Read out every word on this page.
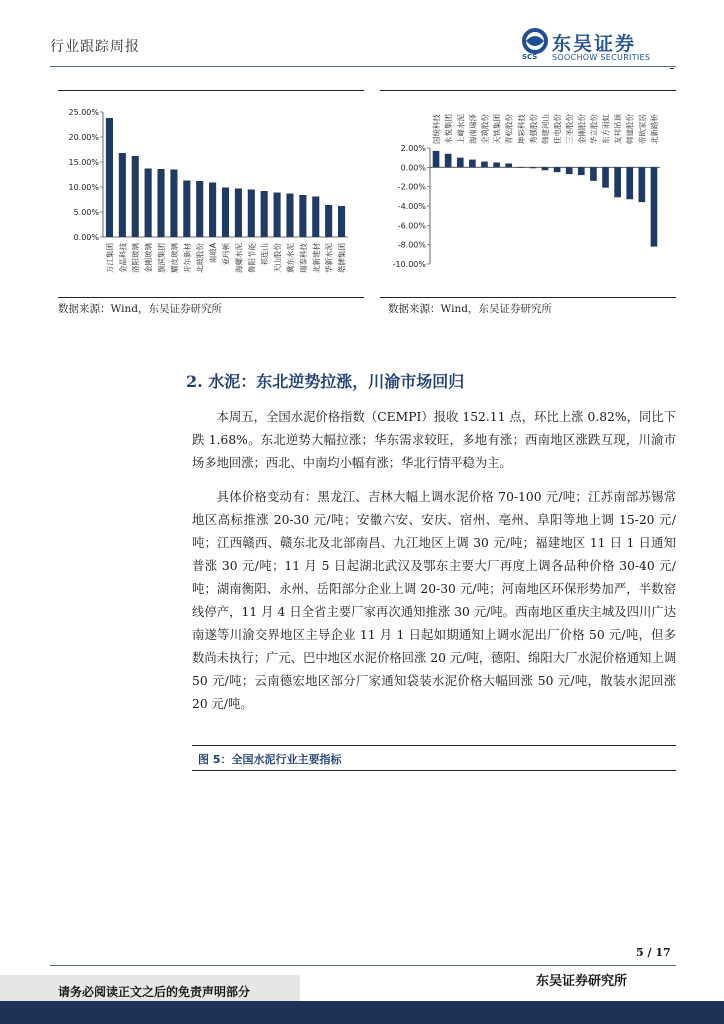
行业跟踪周报
SCS
东吴证券
SOOCHOW SECURITIES
25.00%
20.00%
15.00%
10.00%
5.00%
0.00%
万江集团 金晶科技 洛阳玻璃 金刚玻璃 旗滨集团 耀皮玻璃 开尔新材 北玻股份 南玻A 亚玛顿 海螺水泥 鲁阳节能 祁连山 天山股份 冀东水泥 瑞泰科技 北新建材 华新水泥 塔牌集团
2.00%
0.00%
-2.00%
-4.00%
-6.00%
-8.00%
-10.00%
国统科技 永悦集团 上峰水泥 海南瑞泽 全筑股份 天铁集团 青松股份 坤彩科技 秀强股份 韩建河山 佳电股份 三圣股份 金刚股份 华立股份 东方雨虹 友邦吊顶 韩建股份 帝欧家居 北新路桥
数据来源：Wind，东吴证券研究所	数据来源：Wind，东吴证券研究所
2. 水泥：东北逆势拉涨，川渝市场回归
本周五，全国水泥价格指数（CEMPI）报收 152.11 点，环比上涨 0.82%，同比下跌 1.68%。东北逆势大幅拉涨；华东需求较旺，多地有涨；西南地区涨跌互现，川渝市场多地回涨；西北、中南均小幅有涨；华北行情平稳为主。
具体价格变动有：黑龙江、吉林大幅上调水泥价格 70-100 元/吨；江苏南部苏锡常地区高标推涨 20-30 元/吨；安徽六安、安庆、宿州、亳州、阜阳等地上调 15-20 元/吨；江西赣西、赣东北及北部南昌、九江地区上调 30 元/吨；福建地区 11 日 1 日通知普涨 30 元/吨；11 月 5 日起湖北武汉及鄂东主要大厂再度上调各品种价格 30-40 元/吨；湖南衡阳、永州、岳阳部分企业上调 20-30 元/吨；河南地区环保形势加严，半数窑线停产，11 月 4 日全省主要厂家再次通知推涨 30 元/吨。西南地区重庆主城及四川广达南遂等川渝交界地区主导企业 11 月 1 日起如期通知上调水泥出厂价格 50 元/吨，但多数尚未执行；广元、巴中地区水泥价格回涨 20 元/吨，德阳、绵阳大厂水泥价格通知上调 50 元/吨；云南德宏地区部分厂家通知袋装水泥价格大幅回涨 50 元/吨，散装水泥回涨 20 元/吨。
图 5：全国水泥行业主要指标
5 / 17
东吴证券研究所
请务必阅读正文之后的免责声明部分
